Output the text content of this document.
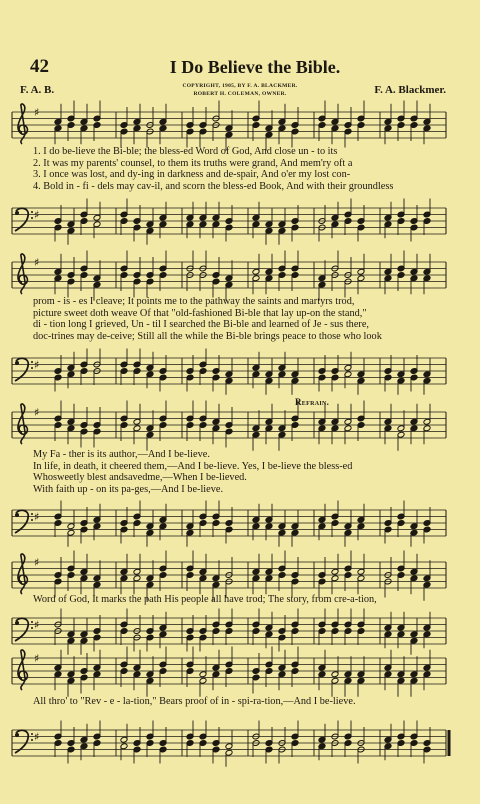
42	I Do Believe the Bible.
COPYRIGHT, 1905, BY F. A. BLACKMER.
ROBERT H. COLEMAN, OWNER.
F. A. B.	F. A. Blackmer.
♯
1. I do be-lieve the Bi-ble; the bless-ed Word of God, And close un - to its
2. It was my parents' counsel, to them its truths were grand, And mem'ry oft a
3. I once was lost, and dy-ing in darkness and de-spair, And o'er my lost con-
4. Bold in - fi - dels may cav-il, and scorn the bless-ed Book, And with their groundless
♯
♯
prom - is - es I cleave; It points me to the pathway the saints and martyrs trod,
picture sweet doth weave Of that "old-fashioned Bi-ble that lay up-on the stand,"
di - tion long I grieved, Un - til I searched the Bi-ble and learned of Je - sus there,
doc-trines may de-ceive; Still all the while the Bi-ble brings peace to those who look
♯
Refrain.
♯
My Fa - ther is its author,—And I be-lieve.
In life, in death, it cheered them,—And I be-lieve. Yes, I be-lieve the bless-ed
Whosweetly blest andsavedme,—When I be-lieved.
With faith up - on its pa-ges,—And I be-lieve.
♯
♯
Word of God, It marks the path His people all have trod; The story, from cre-a-tion,
♯
♯
All thro' to "Rev - e - la-tion," Bears proof of in - spi-ra-tion,—And I be-lieve.
♯
